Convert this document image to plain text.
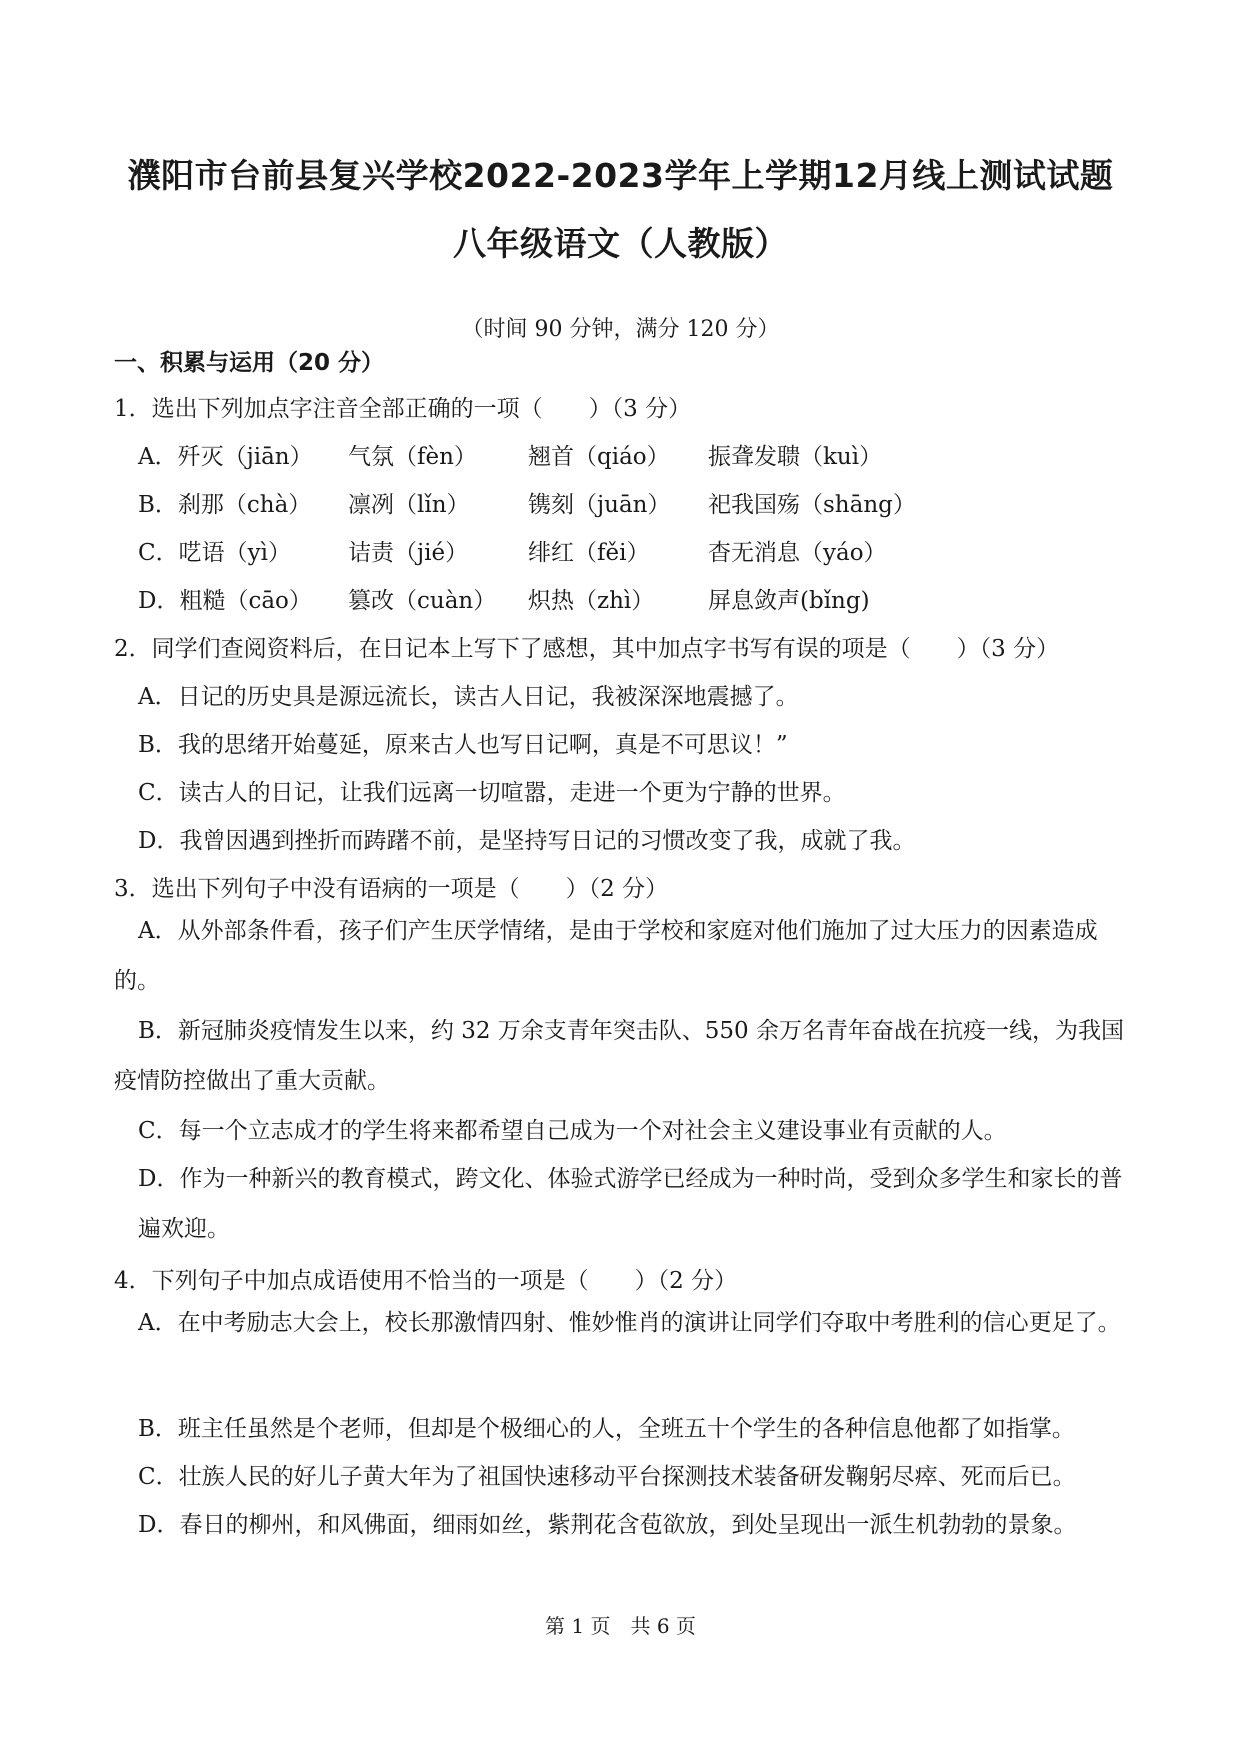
濮阳市台前县复兴学校2022-2023学年上学期12月线上测试试题
八年级语文（人教版）
（时间 90 分钟，满分 120 分）
一、积累与运用（20 分）
1．选出下列加点字注音全部正确的一项（　　）（3 分）
A．歼灭（jiān） 气氛（fèn） 翘首（qiáo） 振聋发聩（kuì）
B．刹那（chà） 凛冽（lǐn）	镌刻（juān） 祀我国殇（shāng）
C．呓语（yì） 诘责（jié）	绯红（fěi）	杳无消息（yáo）
D．粗糙（cāo） 篡改（cuàn） 炽热（zhì） 屏息敛声(bǐng)
2．同学们查阅资料后，在日记本上写下了感想，其中加点字书写有误的项是（　　）（3 分）
A．日记的历史具是源远流长，读古人日记，我被深深地震撼了。
B．我的思绪开始蔓延，原来古人也写日记啊，真是不可思议！”
C．读古人的日记，让我们远离一切喧嚣，走进一个更为宁静的世界。
D．我曾因遇到挫折而踌躇不前，是坚持写日记的习惯改变了我，成就了我。
3．选出下列句子中没有语病的一项是（　　）（2 分）
A．从外部条件看，孩子们产生厌学情绪，是由于学校和家庭对他们施加了过大压力的因素造成的。
B．新冠肺炎疫情发生以来，约 32 万余支青年突击队、550 余万名青年奋战在抗疫一线，为我国疫情防控做出了重大贡献。
C．每一个立志成才的学生将来都希望自己成为一个对社会主义建设事业有贡献的人。
D．作为一种新兴的教育模式，跨文化、体验式游学已经成为一种时尚，受到众多学生和家长的普遍欢迎。
4．下列句子中加点成语使用不恰当的一项是（　　）（2 分）
A．在中考励志大会上，校长那激情四射、惟妙惟肖的演讲让同学们夺取中考胜利的信心更足了。
B．班主任虽然是个老师，但却是个极细心的人，全班五十个学生的各种信息他都了如指掌。
C．壮族人民的好儿子黄大年为了祖国快速移动平台探测技术装备研发鞠躬尽瘁、死而后已。
D．春日的柳州，和风佛面，细雨如丝，紫荆花含苞欲放，到处呈现出一派生机勃勃的景象。
第 1 页　共 6 页
